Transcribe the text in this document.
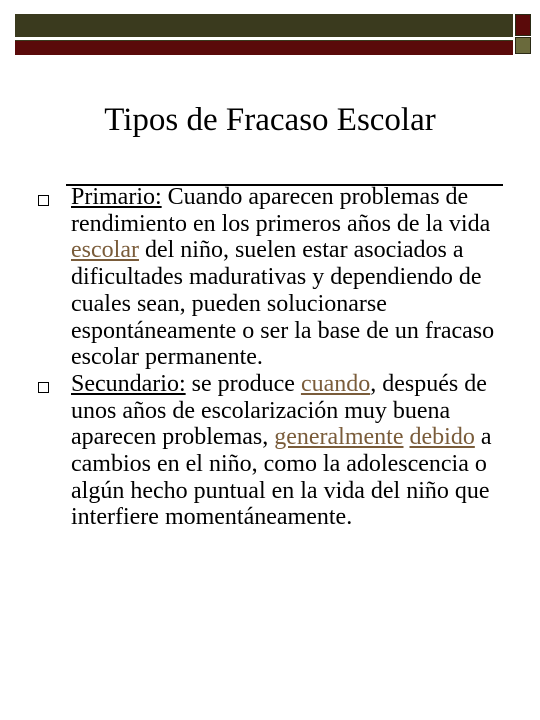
Tipos de Fracaso Escolar
Primario: Cuando aparecen problemas de rendimiento en los primeros años de la vida escolar del niño, suelen estar asociados a dificultades madurativas y dependiendo de cuales sean, pueden solucionarse espontáneamente o ser la base de un fracaso escolar permanente.
Secundario: se produce cuando, después de unos años de escolarización muy buena aparecen problemas, generalmente debido a cambios en el niño, como la adolescencia o algún hecho puntual en la vida del niño que interfiere momentáneamente.
